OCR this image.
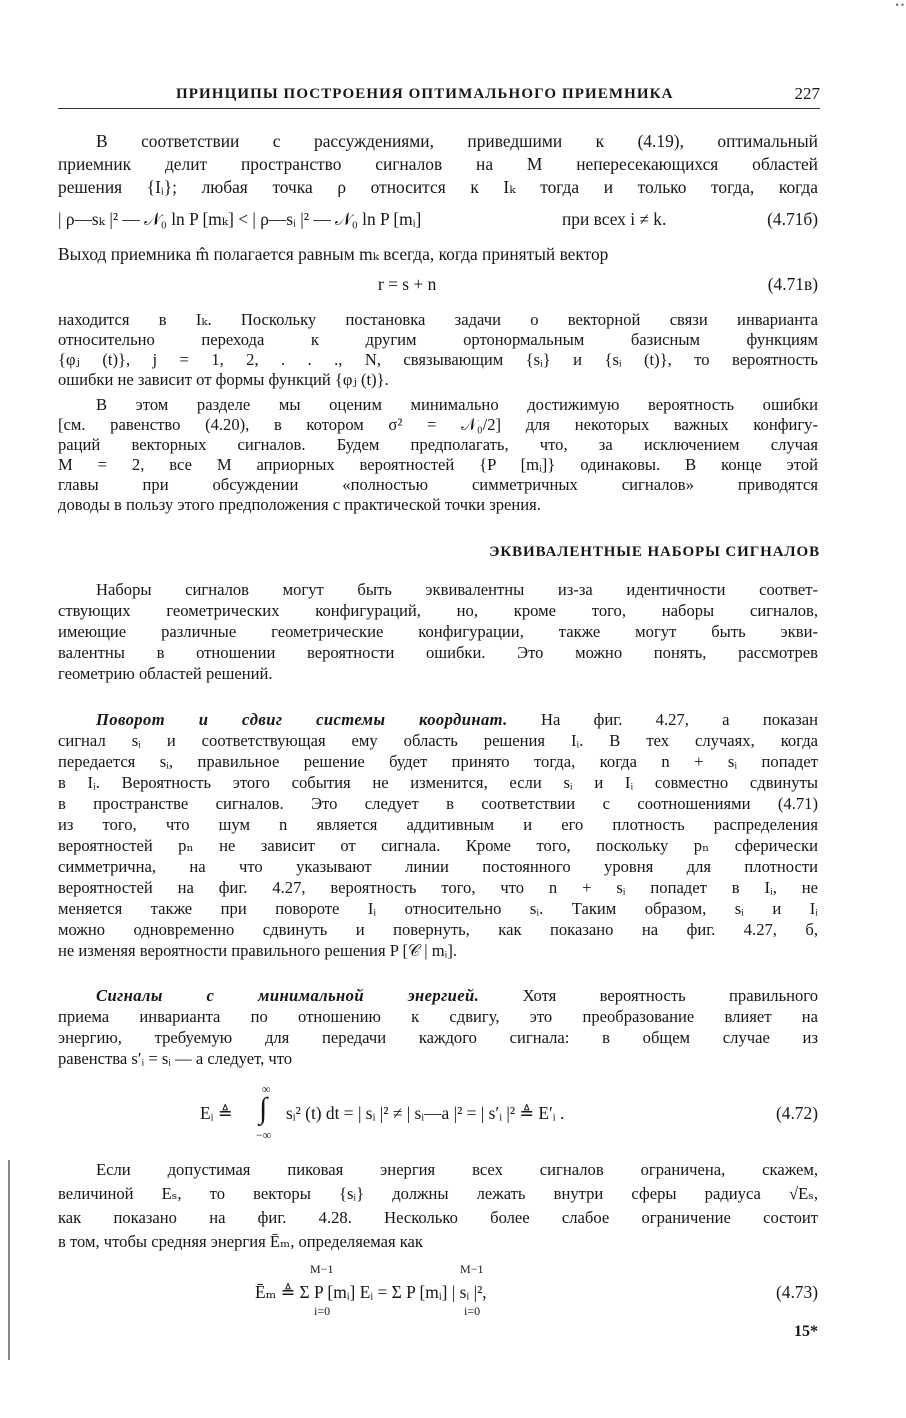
• •
ПРИНЦИПЫ ПОСТРОЕНИЯ ОПТИМАЛЬНОГО ПРИЕМНИКА	227
В соответствии с рассуждениями, приведшими к (4.19), оптимальный
приемник делит пространство сигналов на M непересекающихся областей
решения {Iᵢ}; любая точка ρ относится к Iₖ тогда и только тогда, когда
| ρ—sₖ |² — 𝒩₀ ln P [mₖ] < | ρ—sᵢ |² — 𝒩₀ ln P [mᵢ]	при всех i ≠ k.	(4.71б)
Выход приемника m̂ полагается равным mₖ всегда, когда принятый вектор
r = s + n	(4.71в)
находится в Iₖ. Поскольку постановка задачи о векторной связи инварианта
относительно перехода к другим ортонормальным базисным функциям
{φⱼ (t)}, j = 1, 2, . . ., N, связывающим {sᵢ} и {sᵢ (t)}, то вероятность
ошибки не зависит от формы функций {φⱼ (t)}.
В этом разделе мы оценим минимально достижимую вероятность ошибки
[см. равенство (4.20), в котором σ² = 𝒩₀/2] для некоторых важных конфигу-
раций векторных сигналов. Будем предполагать, что, за исключением случая
M = 2, все M априорных вероятностей {P [mᵢ]} одинаковы. В конце этой
главы при обсуждении «полностью симметричных сигналов» приводятся
доводы в пользу этого предположения с практической точки зрения.
ЭКВИВАЛЕНТНЫЕ НАБОРЫ СИГНАЛОВ
Наборы сигналов могут быть эквивалентны из-за идентичности соответ-
ствующих геометрических конфигураций, но, кроме того, наборы сигналов,
имеющие различные геометрические конфигурации, также могут быть экви-
валентны в отношении вероятности ошибки. Это можно понять, рассмотрев
геометрию областей решений.
Поворот и сдвиг системы координат. На фиг. 4.27, а показан
сигнал sᵢ и соответствующая ему область решения Iᵢ. В тех случаях, когда
передается sᵢ, правильное решение будет принято тогда, когда n + sᵢ попадет
в Iᵢ. Вероятность этого события не изменится, если sᵢ и Iᵢ совместно сдвинуты
в пространстве сигналов. Это следует в соответствии с соотношениями (4.71)
из того, что шум n является аддитивным и его плотность распределения
вероятностей pₙ не зависит от сигнала. Кроме того, поскольку pₙ сферически
симметрична, на что указывают линии постоянного уровня для плотности
вероятностей на фиг. 4.27, вероятность того, что n + sᵢ попадет в Iᵢ, не
меняется также при повороте Iᵢ относительно sᵢ. Таким образом, sᵢ и Iᵢ
можно одновременно сдвинуть и повернуть, как показано на фиг. 4.27, б,
не изменяя вероятности правильного решения P [𝒞 | mᵢ].
Сигналы с минимальной энергией. Хотя вероятность правильного
приема инварианта по отношению к сдвигу, это преобразование влияет на
энергию, требуемую для передачи каждого сигнала: в общем случае из
равенства s′ᵢ = sᵢ — a следует, что
∞
∫
−∞
Eᵢ ≜	sᵢ² (t) dt = | sᵢ |² ≠ | sᵢ—a |² = | s′ᵢ |² ≜ E′ᵢ .	(4.72)
Если допустимая пиковая энергия всех сигналов ограничена, скажем,
величиной Eₛ, то векторы {sᵢ} должны лежать внутри сферы радиуса √Eₛ,
как показано на фиг. 4.28. Несколько более слабое ограничение состоит
в том, чтобы средняя энергия Ēₘ, определяемая как
M−1	M−1
Ēₘ ≜ Σ P [mᵢ] Eᵢ = Σ P [mᵢ] | sᵢ |²,
i=0	i=0
(4.73)
15*
